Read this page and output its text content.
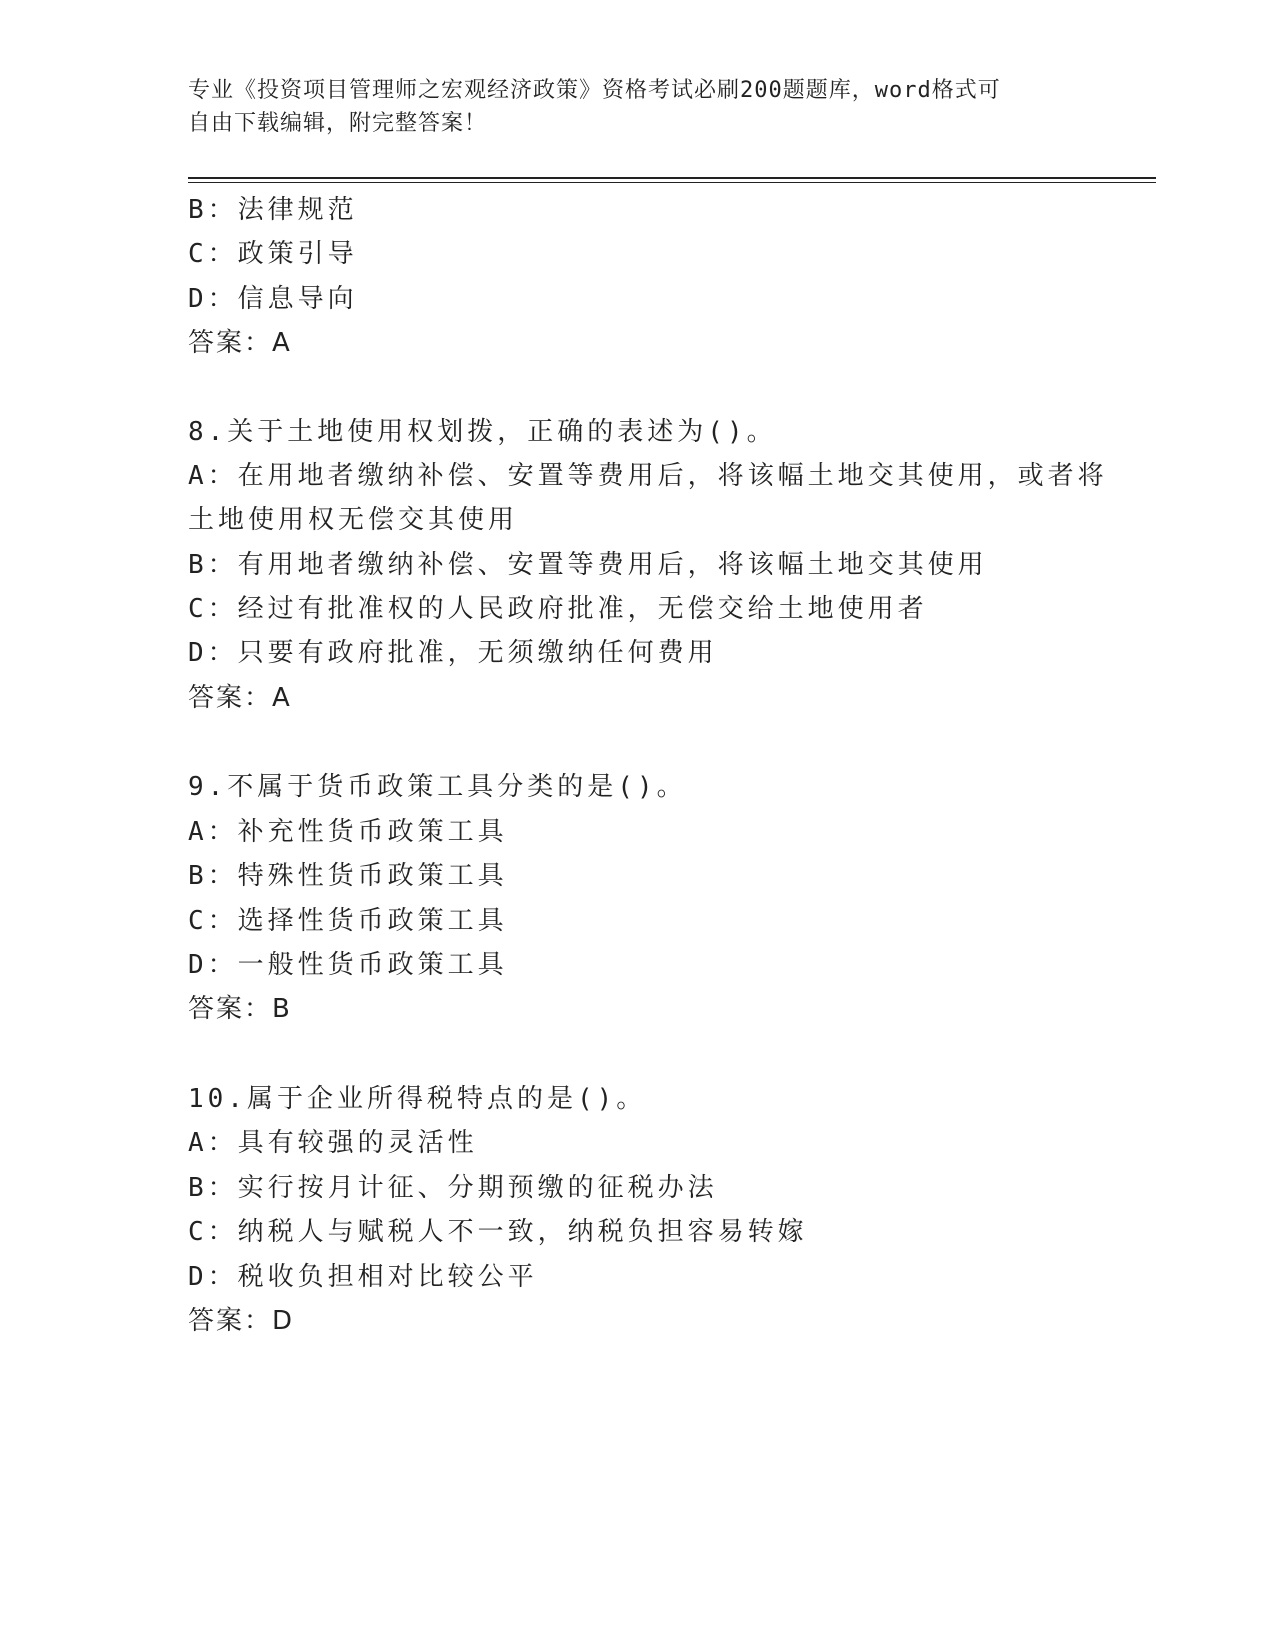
专业《投资项目管理师之宏观经济政策》资格考试必刷200题题库，word格式可
自由下载编辑，附完整答案！
B：法律规范
C：政策引导
D：信息导向
答案：A
8.关于土地使用权划拨，正确的表述为()。
A：在用地者缴纳补偿、安置等费用后，将该幅土地交其使用，或者将
土地使用权无偿交其使用
B：有用地者缴纳补偿、安置等费用后，将该幅土地交其使用
C：经过有批准权的人民政府批准，无偿交给土地使用者
D：只要有政府批准，无须缴纳任何费用
答案：A
9.不属于货币政策工具分类的是()。
A：补充性货币政策工具
B：特殊性货币政策工具
C：选择性货币政策工具
D：一般性货币政策工具
答案：B
10.属于企业所得税特点的是()。
A：具有较强的灵活性
B：实行按月计征、分期预缴的征税办法
C：纳税人与赋税人不一致，纳税负担容易转嫁
D：税收负担相对比较公平
答案：D
